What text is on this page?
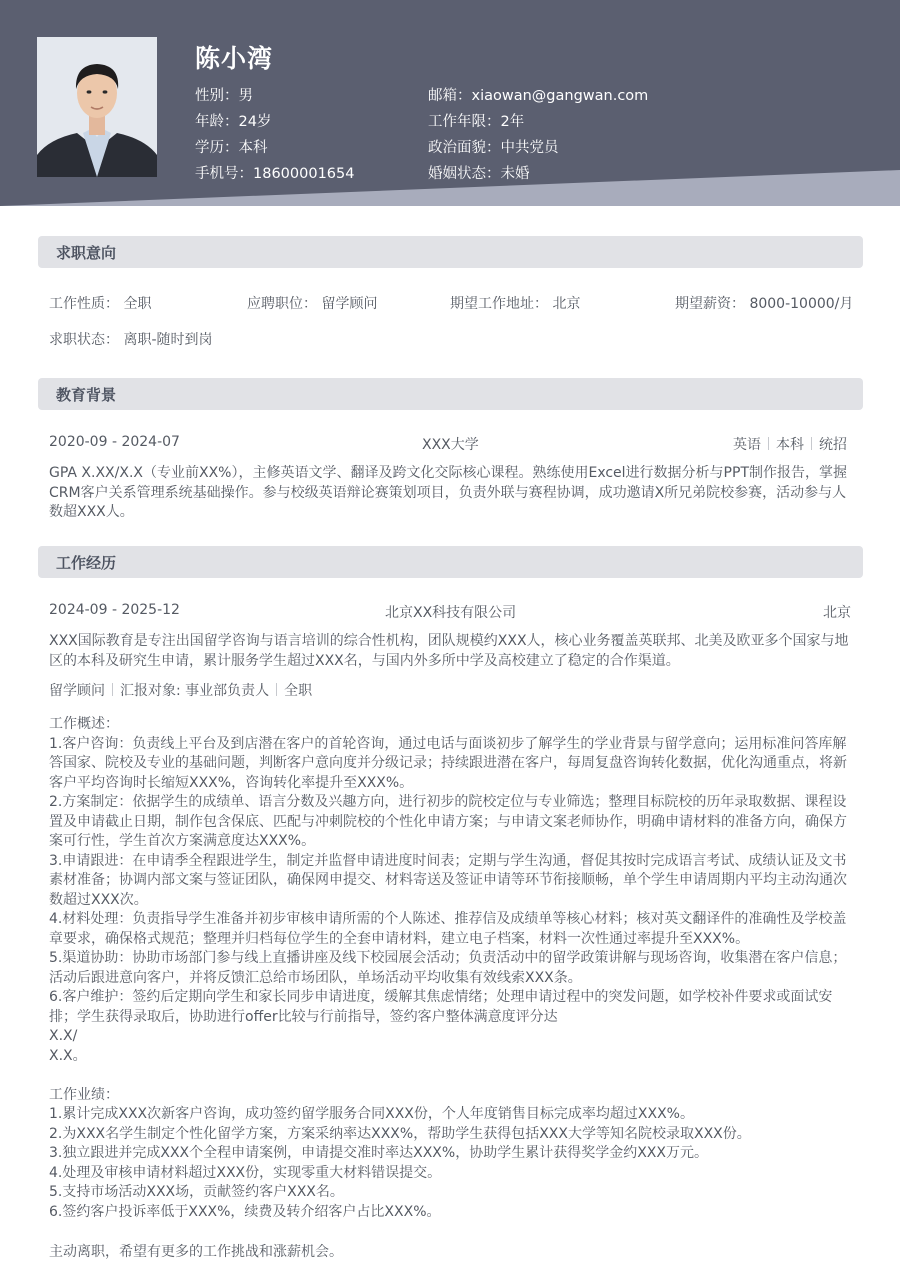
陈小湾
性别：男
年龄：24岁
学历：本科
手机号：18600001654
邮箱：xiaowan@gangwan.com
工作年限：2年
政治面貌：中共党员
婚姻状态：未婚
求职意向
工作性质： 全职	应聘职位： 留学顾问	期望工作地址： 北京	期望薪资： 8000-10000/月
求职状态： 离职-随时到岗
教育背景
2020-09 - 2024-07	XXX大学	英语 本科 统招
GPA X.XX/X.X（专业前XX%），主修英语文学、翻译及跨文化交际核心课程。熟练使用Excel进行数据分析与PPT制作报告，掌握
CRM客户关系管理系统基础操作。参与校级英语辩论赛策划项目，负责外联与赛程协调，成功邀请X所兄弟院校参赛，活动参与人
数超XXX人。
工作经历
2024-09 - 2025-12	北京XX科技有限公司	北京
XXX国际教育是专注出国留学咨询与语言培训的综合性机构，团队规模约XXX人，核心业务覆盖英联邦、北美及欧亚多个国家与地
区的本科及研究生申请，累计服务学生超过XXX名，与国内外多所中学及高校建立了稳定的合作渠道。
留学顾问 汇报对象: 事业部负责人 全职
工作概述：
1.客户咨询：负责线上平台及到店潜在客户的首轮咨询，通过电话与面谈初步了解学生的学业背景与留学意向；运用标准问答库解
答国家、院校及专业的基础问题，判断客户意向度并分级记录；持续跟进潜在客户，每周复盘咨询转化数据，优化沟通重点，将新
客户平均咨询时长缩短XXX%，咨询转化率提升至XXX%。
2.方案制定：依据学生的成绩单、语言分数及兴趣方向，进行初步的院校定位与专业筛选；整理目标院校的历年录取数据、课程设
置及申请截止日期，制作包含保底、匹配与冲刺院校的个性化申请方案；与申请文案老师协作，明确申请材料的准备方向，确保方
案可行性，学生首次方案满意度达XXX%。
3.申请跟进：在申请季全程跟进学生，制定并监督申请进度时间表；定期与学生沟通，督促其按时完成语言考试、成绩认证及文书
素材准备；协调内部文案与签证团队，确保网申提交、材料寄送及签证申请等环节衔接顺畅，单个学生申请周期内平均主动沟通次
数超过XXX次。
4.材料处理：负责指导学生准备并初步审核申请所需的个人陈述、推荐信及成绩单等核心材料；核对英文翻译件的准确性及学校盖
章要求，确保格式规范；整理并归档每位学生的全套申请材料，建立电子档案，材料一次性通过率提升至XXX%。
5.渠道协助：协助市场部门参与线上直播讲座及线下校园展会活动；负责活动中的留学政策讲解与现场咨询，收集潜在客户信息；
活动后跟进意向客户，并将反馈汇总给市场团队，单场活动平均收集有效线索XXX条。
6.客户维护：签约后定期向学生和家长同步申请进度，缓解其焦虑情绪；处理申请过程中的突发问题，如学校补件要求或面试安
排；学生获得录取后，协助进行offer比较与行前指导，签约客户整体满意度评分达
X.X/
X.X。
工作业绩：
1.累计完成XXX次新客户咨询，成功签约留学服务合同XXX份，个人年度销售目标完成率均超过XXX%。
2.为XXX名学生制定个性化留学方案，方案采纳率达XXX%，帮助学生获得包括XXX大学等知名院校录取XXX份。
3.独立跟进并完成XXX个全程申请案例，申请提交准时率达XXX%，协助学生累计获得奖学金约XXX万元。
4.处理及审核申请材料超过XXX份，实现零重大材料错误提交。
5.支持市场活动XXX场，贡献签约客户XXX名。
6.签约客户投诉率低于XXX%，续费及转介绍客户占比XXX%。
主动离职，希望有更多的工作挑战和涨薪机会。
